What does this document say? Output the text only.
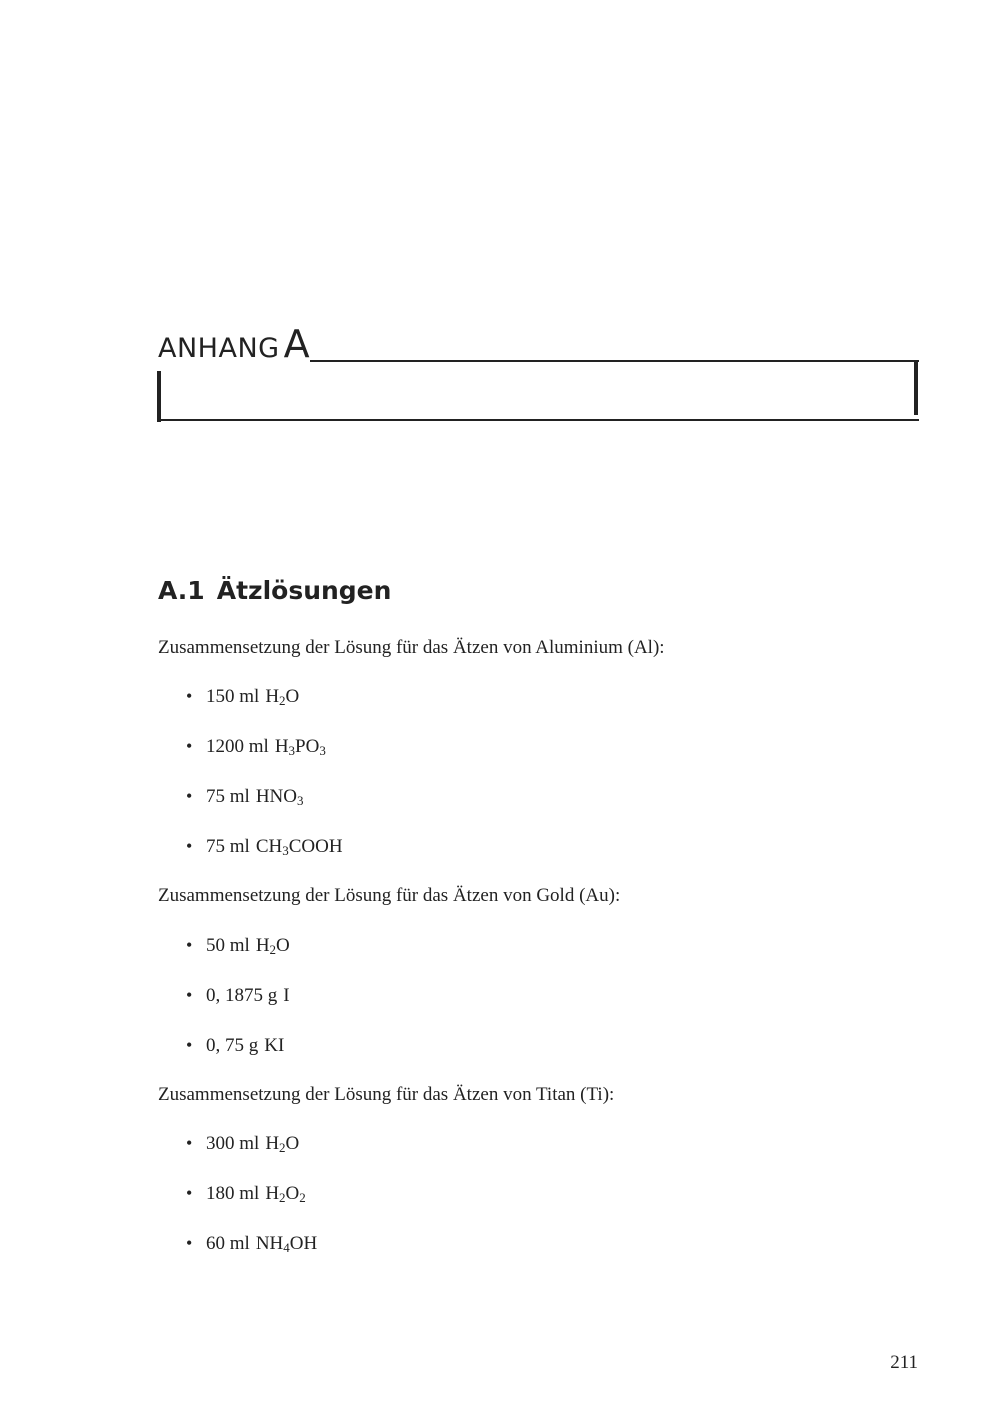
ANHANG A
A.1 Ätzlösungen
Zusammensetzung der Lösung für das Ätzen von Aluminium (Al):
• 150 ml $H_2O$
• 1200 ml $H_3PO_3$
• 75 ml $HNO_3$
• 75 ml $CH_3COOH$
Zusammensetzung der Lösung für das Ätzen von Gold (Au):
• 50 ml $H_2O$
• 0, 1875 g I
• 0, 75 g KI
Zusammensetzung der Lösung für das Ätzen von Titan (Ti):
• 300 ml $H_2O$
• 180 ml $H_2O_2$
• 60 ml $NH_4OH$
211
